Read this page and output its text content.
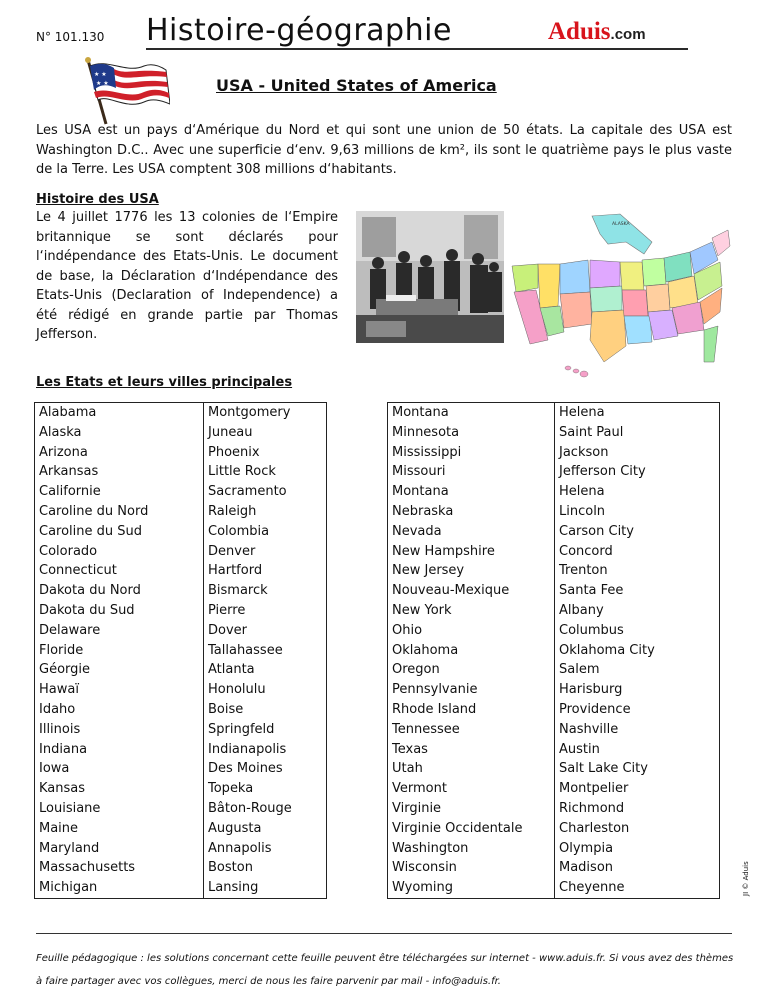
N° 101.130 Histoire-géographie	Aduis.com
★ ★
★ ★	USA - United States of America
Les USA est un pays d‘Amérique du Nord et qui sont une union de 50 états. La capitale des USA est Washington D.C.. Avec une superficie d‘env. 9,63 millions de km², ils sont le quatrième pays le plus vaste de la Terre. Les USA comptent 308 millions d‘habitants.
Histoire des USA
Le 4 juillet 1776 les 13 colonies de l‘Empire britannique se sont déclarés pour l‘indépendance des Etats-Unis. Le document de base, la Déclaration d‘Indépendance des Etats-Unis (Declaration of Independence) a été rédigé en grande partie par Thomas Jefferson.
ALASKA
Les Etats et leurs villes principales
Alabama	Montgomery
Alaska	Juneau
Arizona	Phoenix
Arkansas	Little Rock
Californie	Sacramento
Caroline du Nord	Raleigh
Caroline du Sud	Colombia
Colorado	Denver
Connecticut	Hartford
Dakota du Nord	Bismarck
Dakota du Sud	Pierre
Delaware	Dover
Floride	Tallahassee
Géorgie	Atlanta
Hawaï	Honolulu
Idaho	Boise
Illinois	Springfeld
Indiana	Indianapolis
Iowa	Des Moines
Kansas	Topeka
Louisiane	Bâton-Rouge
Maine	Augusta
Maryland	Annapolis
Massachusetts	Boston
Michigan	Lansing
Montana	Helena
Minnesota	Saint Paul
Mississippi	Jackson
Missouri	Jefferson City
Montana	Helena
Nebraska	Lincoln
Nevada	Carson City
New Hampshire	Concord
New Jersey	Trenton
Nouveau-Mexique	Santa Fee
New York	Albany
Ohio	Columbus
Oklahoma	Oklahoma City
Oregon	Salem
Pennsylvanie	Harisburg
Rhode Island	Providence
Tennessee	Nashville
Texas	Austin
Utah	Salt Lake City
Vermont	Montpelier
Virginie	Richmond
Virginie Occidentale	Charleston
Washington	Olympia
Wisconsin	Madison
Wyoming	Cheyenne	JI © Aduis
Feuille pédagogique : les solutions concernant cette feuille peuvent être téléchargées sur internet - www.aduis.fr. Si vous avez des thèmes à faire partager avec vos collègues, merci de nous les faire parvenir par mail - info@aduis.fr.
